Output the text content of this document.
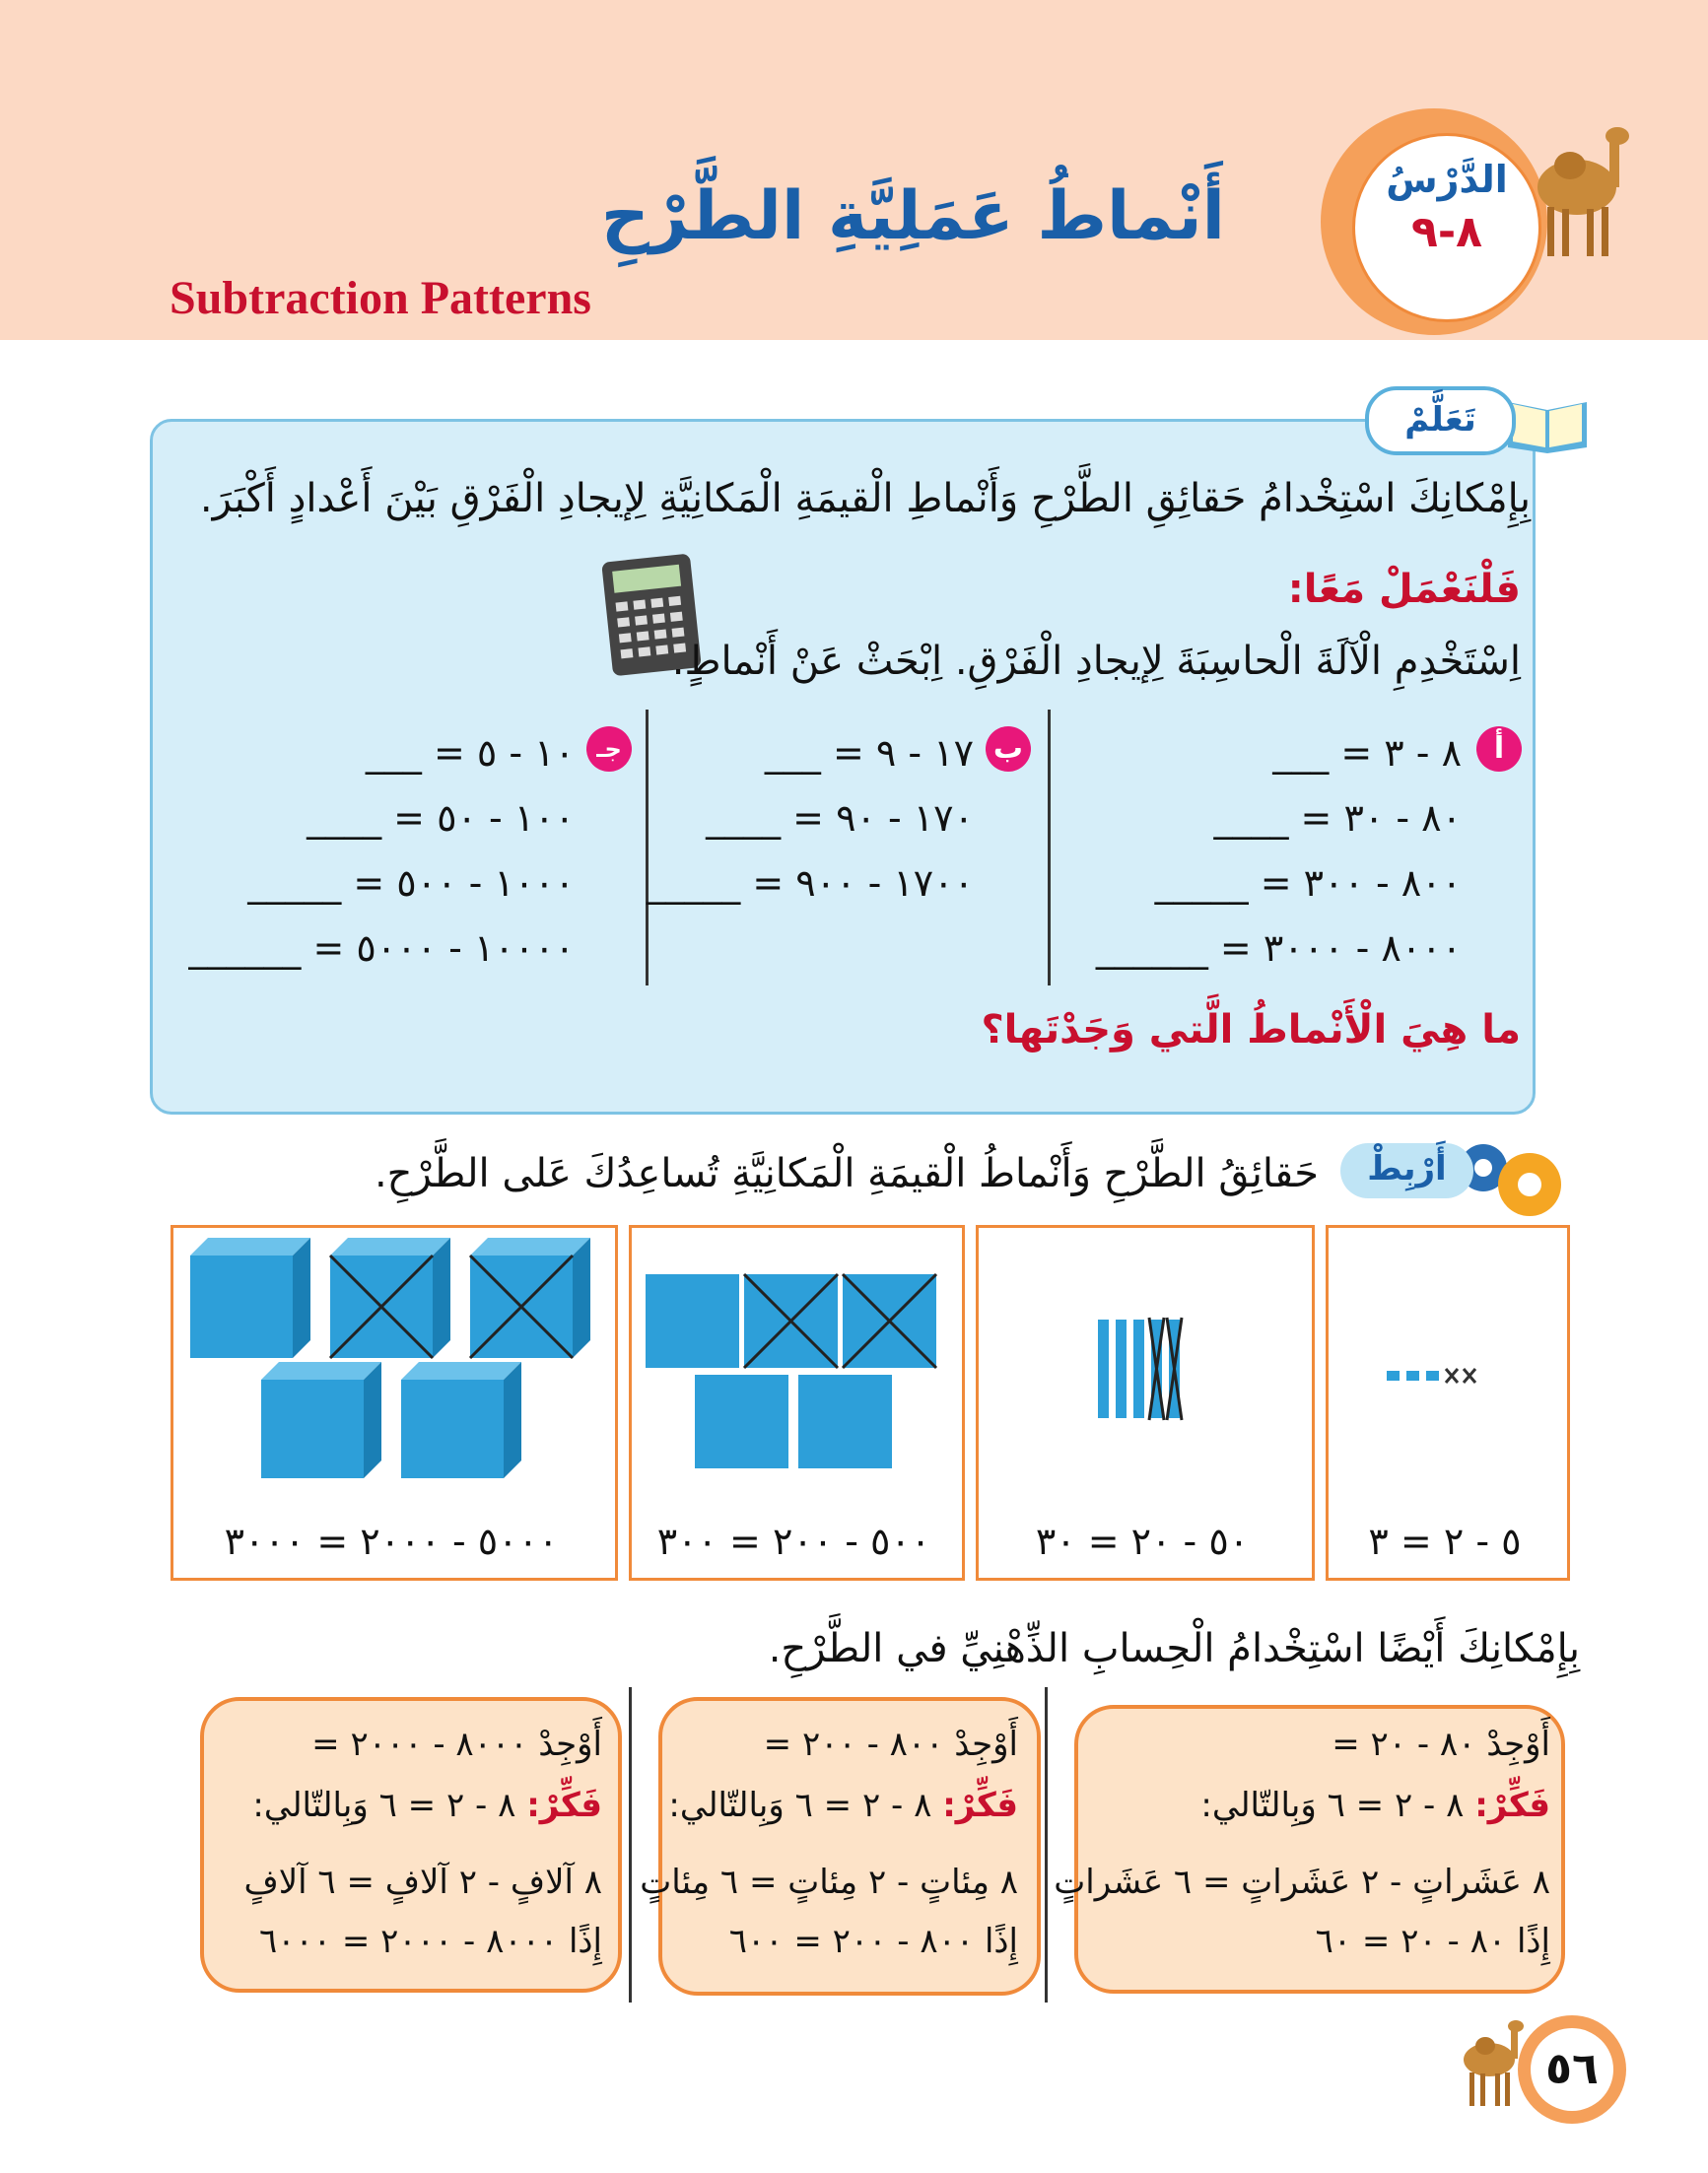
أَنْماطُ عَمَلِيَّةِ الطَّرْحِ
Subtraction Patterns
الدَّرْسُ
٨-٩
تَعَلَّمْ
بِإِمْكانِكَ اسْتِخْدامُ حَقائِقِ الطَّرْحِ وَأَنْماطِ الْقيمَةِ الْمَكانِيَّةِ لِإيجادِ الْفَرْقِ بَيْنَ أَعْدادٍ أَكْبَرَ.
فَلْنَعْمَلْ مَعًا:
اِسْتَخْدِمِ الْآلَةَ الْحاسِبَةَ لِإيجادِ الْفَرْقِ. اِبْحَثْ عَنْ أَنْماطٍ.
أ
٨ - ٣ = ___
٨٠ - ٣٠ = ____
٨٠٠ - ٣٠٠ = _____
٨٠٠٠ - ٣٠٠٠ = ______
ب
١٧ - ٩ = ___
١٧٠ - ٩٠ = ____
١٧٠٠ - ٩٠٠ = _____
جـ
١٠ - ٥ = ___
١٠٠ - ٥٠ = ____
١٠٠٠ - ٥٠٠ = _____
١٠٠٠٠ - ٥٠٠٠ = ______
ما هِيَ الْأَنْماطُ الَّتي وَجَدْتَها؟
أَرْبِطْ
حَقائِقُ الطَّرْحِ وَأَنْماطُ الْقيمَةِ الْمَكانِيَّةِ تُساعِدُكَ عَلى الطَّرْحِ.
٥ - ٢ = ٣
٥٠ - ٢٠ = ٣٠
٥٠٠ - ٢٠٠ = ٣٠٠
٥٠٠٠ - ٢٠٠٠ = ٣٠٠٠
بِإِمْكانِكَ أَيْضًا اسْتِخْدامُ الْحِسابِ الذِّهْنِيِّ في الطَّرْحِ.
أَوْجِدْ ٨٠ - ٢٠ =
فَكِّرْ: ٨ - ٢ = ٦ وَبِالتّالي:
٨ عَشَراتٍ - ٢ عَشَراتٍ = ٦ عَشَراتٍ
إِذًا ٨٠ - ٢٠ = ٦٠
أَوْجِدْ ٨٠٠ - ٢٠٠ =
فَكِّرْ: ٨ - ٢ = ٦ وَبِالتّالي:
٨ مِئاتٍ - ٢ مِئاتٍ = ٦ مِئاتٍ
إِذًا ٨٠٠ - ٢٠٠ = ٦٠٠
أَوْجِدْ ٨٠٠٠ - ٢٠٠٠ =
فَكِّرْ: ٨ - ٢ = ٦ وَبِالتّالي:
٨ آلافٍ - ٢ آلافٍ = ٦ آلافٍ
إِذًا ٨٠٠٠ - ٢٠٠٠ = ٦٠٠٠
٥٦
